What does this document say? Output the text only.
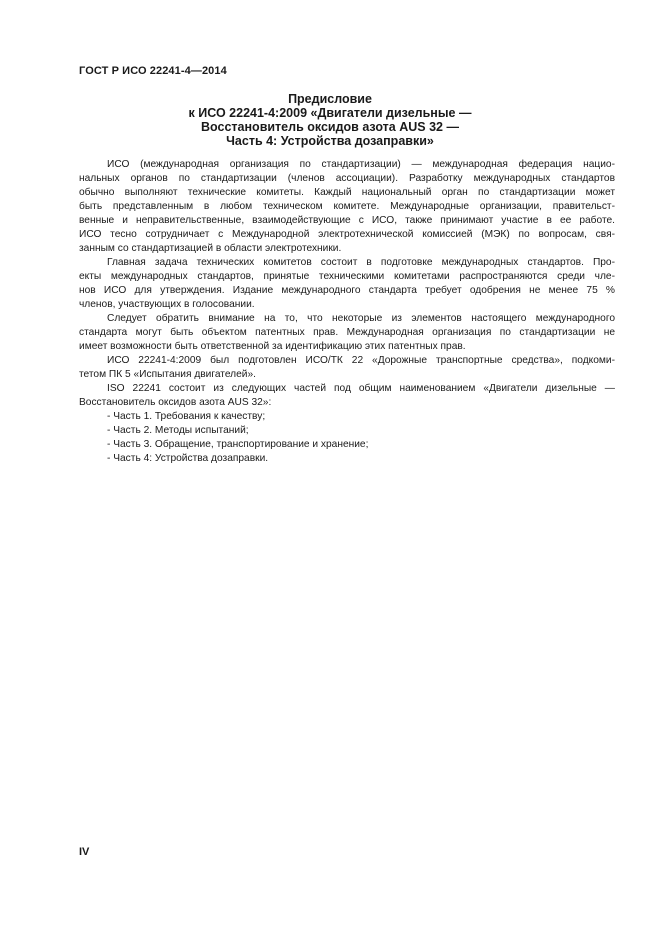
ГОСТ Р ИСО 22241-4—2014
Предисловие
к ИСО 22241-4:2009 «Двигатели дизельные —
Восстановитель оксидов азота AUS 32 —
Часть 4: Устройства дозаправки»
ИСО (международная организация по стандартизации) — международная федерация нацио-
нальных органов по стандартизации (членов ассоциации). Разработку международных стандартов
обычно выполняют технические комитеты. Каждый национальный орган по стандартизации может
быть представленным в любом техническом комитете. Международные организации, правительст-
венные и неправительственные, взаимодействующие с ИСО, также принимают участие в ее работе.
ИСО тесно сотрудничает с Международной электротехнической комиссией (МЭК) по вопросам, свя-
занным со стандартизацией в области электротехники.
Главная задача технических комитетов состоит в подготовке международных стандартов. Про-
екты международных стандартов, принятые техническими комитетами распространяются среди чле-
нов ИСО для утверждения. Издание международного стандарта требует одобрения не менее 75 %
членов, участвующих в голосовании.
Следует обратить внимание на то, что некоторые из элементов настоящего международного
стандарта могут быть объектом патентных прав. Международная организация по стандартизации не
имеет возможности быть ответственной за идентификацию этих патентных прав.
ИСО 22241-4:2009 был подготовлен ИСО/ТК 22 «Дорожные транспортные средства», подкоми-
тетом ПК 5 «Испытания двигателей».
ISO 22241 состоит из следующих частей под общим наименованием «Двигатели дизельные —
Восстановитель оксидов азота AUS 32»:
- Часть 1. Требования к качеству;
- Часть 2. Методы испытаний;
- Часть 3. Обращение, транспортирование и хранение;
- Часть 4: Устройства дозаправки.
IV
